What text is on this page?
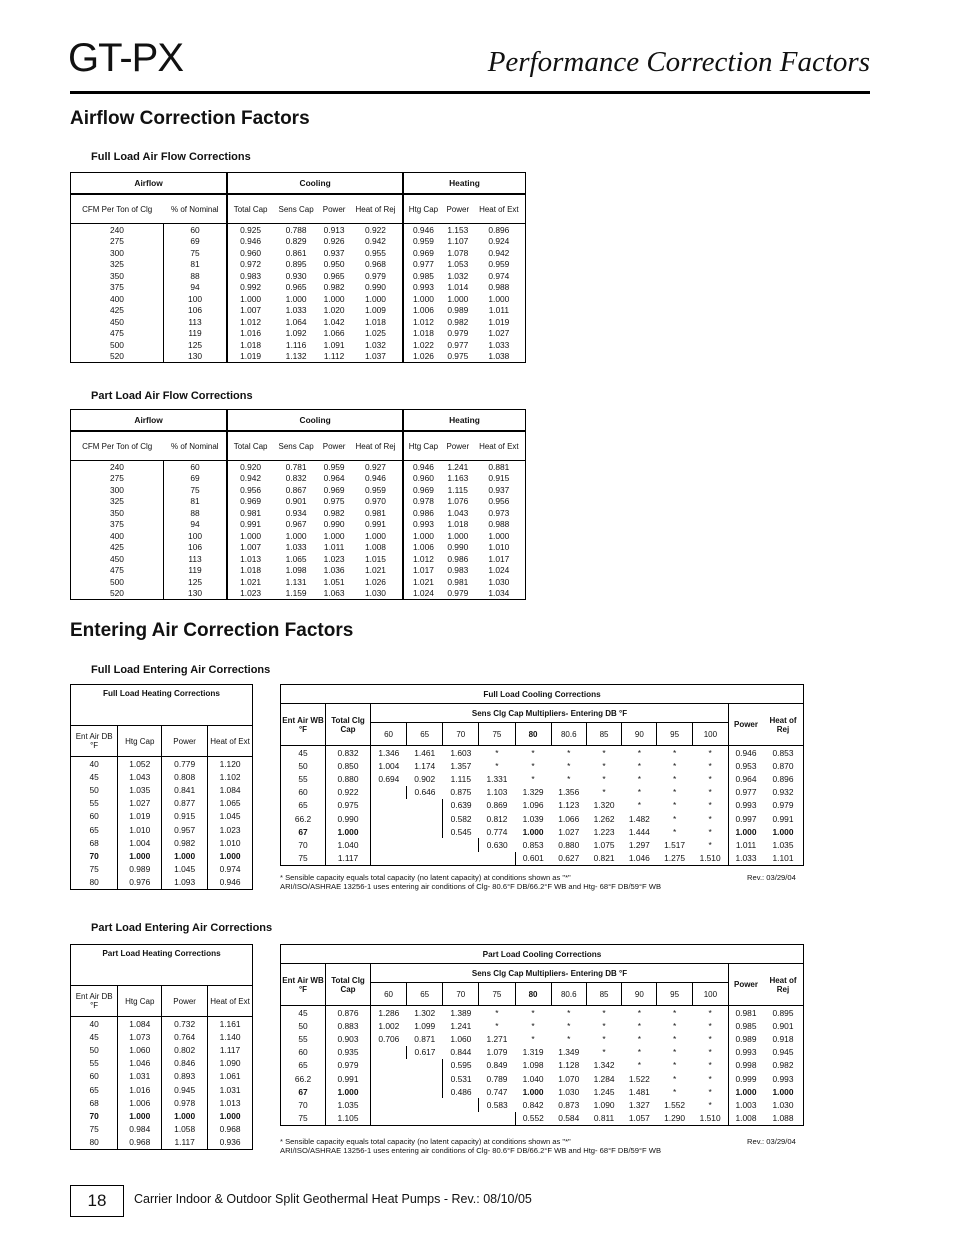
GT-PX	Performance Correction Factors
Airflow Correction Factors
Full Load Air Flow Corrections
Airflow		Cooling				Heating		
CFM Per Ton of Clg	% of Nominal	Total Cap	Sens Cap	Power	Heat of Rej	Htg Cap	Power	Heat of Ext
240	60	0.925	0.788	0.913	0.922	0.946	1.153	0.896
275	69	0.946	0.829	0.926	0.942	0.959	1.107	0.924
300	75	0.960	0.861	0.937	0.955	0.969	1.078	0.942
325	81	0.972	0.895	0.950	0.968	0.977	1.053	0.959
350	88	0.983	0.930	0.965	0.979	0.985	1.032	0.974
375	94	0.992	0.965	0.982	0.990	0.993	1.014	0.988
400	100	1.000	1.000	1.000	1.000	1.000	1.000	1.000
425	106	1.007	1.033	1.020	1.009	1.006	0.989	1.011
450	113	1.012	1.064	1.042	1.018	1.012	0.982	1.019
475	119	1.016	1.092	1.066	1.025	1.018	0.979	1.027
500	125	1.018	1.116	1.091	1.032	1.022	0.977	1.033
520	130	1.019	1.132	1.112	1.037	1.026	0.975	1.038
Part Load Air Flow Corrections
Airflow		Cooling				Heating		
CFM Per Ton of Clg	% of Nominal	Total Cap	Sens Cap	Power	Heat of Rej	Htg Cap	Power	Heat of Ext
240	60	0.920	0.781	0.959	0.927	0.946	1.241	0.881
275	69	0.942	0.832	0.964	0.946	0.960	1.163	0.915
300	75	0.956	0.867	0.969	0.959	0.969	1.115	0.937
325	81	0.969	0.901	0.975	0.970	0.978	1.076	0.956
350	88	0.981	0.934	0.982	0.981	0.986	1.043	0.973
375	94	0.991	0.967	0.990	0.991	0.993	1.018	0.988
400	100	1.000	1.000	1.000	1.000	1.000	1.000	1.000
425	106	1.007	1.033	1.011	1.008	1.006	0.990	1.010
450	113	1.013	1.065	1.023	1.015	1.012	0.986	1.017
475	119	1.018	1.098	1.036	1.021	1.017	0.983	1.024
500	125	1.021	1.131	1.051	1.026	1.021	0.981	1.030
520	130	1.023	1.159	1.063	1.030	1.024	0.979	1.034
Entering Air Correction Factors
Full Load Entering Air Corrections
Full Load Heating Corrections			
Ent Air DB °F	Htg Cap	Power	Heat of Ext
40	1.052	0.779	1.120
45	1.043	0.808	1.102
50	1.035	0.841	1.084
55	1.027	0.877	1.065
60	1.019	0.915	1.045
65	1.010	0.957	1.023
68	1.004	0.982	1.010
70	1.000	1.000	1.000
75	0.989	1.045	0.974
80	0.976	1.093	0.946
Full Load Cooling Corrections													
Ent Air WB °F	Total Clg Cap	Sens Clg Cap Multipliers- Entering DB °F										Power	Heat of Rej
		60	65	70	75	80	80.6	85	90	95	100		
45	0.832	1.346	1.461	1.603	*	*	*	*	*	*	*	0.946	0.853
50	0.850	1.004	1.174	1.357	*	*	*	*	*	*	*	0.953	0.870
55	0.880	0.694	0.902	1.115	1.331	*	*	*	*	*	*	0.964	0.896
60	0.922		0.646	0.875	1.103	1.329	1.356	*	*	*	*	0.977	0.932
65	0.975			0.639	0.869	1.096	1.123	1.320	*	*	*	0.993	0.979
66.2	0.990			0.582	0.812	1.039	1.066	1.262	1.482	*	*	0.997	0.991
67	1.000			0.545	0.774	1.000	1.027	1.223	1.444	*	*	1.000	1.000
70	1.040				0.630	0.853	0.880	1.075	1.297	1.517	*	1.011	1.035
75	1.117					0.601	0.627	0.821	1.046	1.275	1.510	1.033	1.101
* Sensible capacity equals total capacity (no latent capacity) at conditions shown as "*"
ARI/ISO/ASHRAE 13256-1 uses entering air conditions of Clg- 80.6°F DB/66.2°F WB and Htg- 68°F DB/59°F WB
Rev.: 03/29/04
Part Load Entering Air Corrections
Part Load Heating Corrections			
Ent Air DB °F	Htg Cap	Power	Heat of Ext
40	1.084	0.732	1.161
45	1.073	0.764	1.140
50	1.060	0.802	1.117
55	1.046	0.846	1.090
60	1.031	0.893	1.061
65	1.016	0.945	1.031
68	1.006	0.978	1.013
70	1.000	1.000	1.000
75	0.984	1.058	0.968
80	0.968	1.117	0.936
Part Load Cooling Corrections													
Ent Air WB °F	Total Clg Cap	Sens Clg Cap Multipliers- Entering DB °F										Power	Heat of Rej
		60	65	70	75	80	80.6	85	90	95	100		
45	0.876	1.286	1.302	1.389	*	*	*	*	*	*	*	0.981	0.895
50	0.883	1.002	1.099	1.241	*	*	*	*	*	*	*	0.985	0.901
55	0.903	0.706	0.871	1.060	1.271	*	*	*	*	*	*	0.989	0.918
60	0.935		0.617	0.844	1.079	1.319	1.349	*	*	*	*	0.993	0.945
65	0.979			0.595	0.849	1.098	1.128	1.342	*	*	*	0.998	0.982
66.2	0.991			0.531	0.789	1.040	1.070	1.284	1.522	*	*	0.999	0.993
67	1.000			0.486	0.747	1.000	1.030	1.245	1.481	*	*	1.000	1.000
70	1.035				0.583	0.842	0.873	1.090	1.327	1.552	*	1.003	1.030
75	1.105					0.552	0.584	0.811	1.057	1.290	1.510	1.008	1.088
* Sensible capacity equals total capacity (no latent capacity) at conditions shown as "*"
ARI/ISO/ASHRAE 13256-1 uses entering air conditions of Clg- 80.6°F DB/66.2°F WB and Htg- 68°F DB/59°F WB
Rev.: 03/29/04
18	Carrier Indoor & Outdoor Split Geothermal Heat Pumps - Rev.: 08/10/05
